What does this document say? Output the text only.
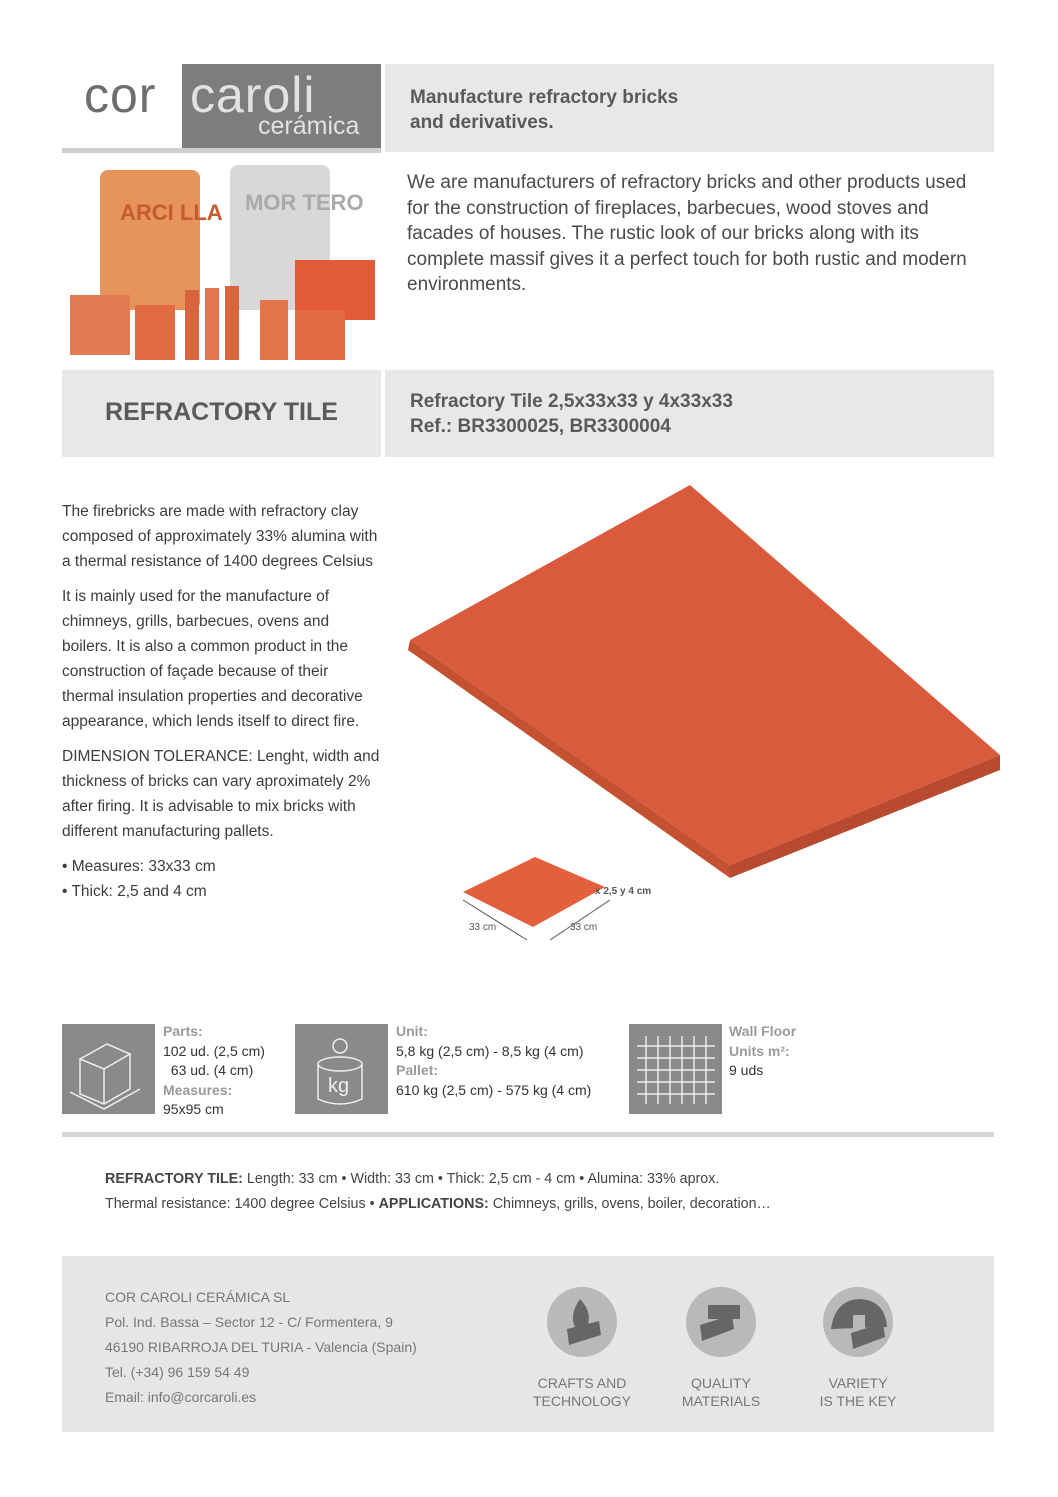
cor caroli
cerámica
Manufacture refractory bricks
and derivatives.
ARCI LLA MOR TERO
We are manufacturers of refractory bricks and other products used for the construction of fireplaces, barbecues, wood stoves and facades of houses. The rustic look of our bricks along with its complete massif gives it a perfect touch for both rustic and modern environments.
REFRACTORY TILE	Refractory Tile 2,5x33x33 y 4x33x33
Ref.: BR3300025, BR3300004

The firebricks are made with refractory clay composed of approximately 33% alumina with a thermal resistance of 1400 degrees Celsius

It is mainly used for the manufacture of chimneys, grills, barbecues, ovens and boilers. It is also a common product in the construction of façade because of their thermal insulation properties and decorative appearance, which lends itself to direct fire.

DIMENSION TOLERANCE: Lenght, width and thickness of bricks can vary aproximately 2% after firing. It is advisable to mix bricks with different manufacturing pallets.

• Measures: 33x33 cm
• Thick: 2,5 and 4 cm
33 cm	33 cm
x 2,5 y 4 cm
Parts:
102 ud. (2,5 cm)
63 ud. (4 cm)
Measures:
95x95 cm
kg
Unit:
5,8 kg (2,5 cm) - 8,5 kg (4 cm)
Pallet:
610 kg (2,5 cm) - 575 kg (4 cm)
Wall Floor
Units m²:
9 uds
REFRACTORY TILE: Length: 33 cm • Width: 33 cm • Thick: 2,5 cm - 4 cm • Alumina: 33% aprox.
Thermal resistance: 1400 degree Celsius • APPLICATIONS: Chimneys, grills, ovens, boiler, decoration…
COR CAROLI CERÁMICA SL
Pol. Ind. Bassa – Sector 12 - C/ Formentera, 9
46190 RIBARROJA DEL TURIA - Valencia (Spain)
Tel. (+34) 96 159 54 49
Email: info@corcaroli.es
CRAFTS AND
TECHNOLOGY
QUALITY
MATERIALS
VARIETY
IS THE KEY
